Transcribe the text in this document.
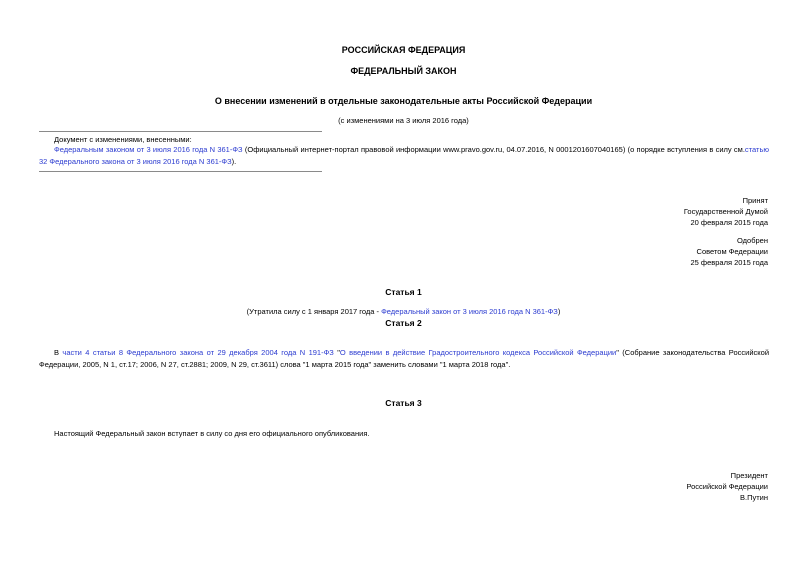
РОССИЙСКАЯ ФЕДЕРАЦИЯ
ФЕДЕРАЛЬНЫЙ ЗАКОН
О внесении изменений в отдельные законодательные акты Российской Федерации
(с изменениями на 3 июля 2016 года)
Документ с изменениями, внесенными:
Федеральным законом от 3 июля 2016 года N 361-ФЗ (Официальный интернет-портал правовой информации www.pravo.gov.ru, 04.07.2016, N 0001201607040165) (о порядке вступления в силу см.статью 32 Федерального закона от 3 июля 2016 года N 361-ФЗ).
Принят
Государственной Думой
20 февраля 2015 года
Одобрен
Советом Федерации
25 февраля 2015 года
Статья 1
(Утратила силу с 1 января 2017 года - Федеральный закон от 3 июля 2016 года N 361-ФЗ)
Статья 2
В части 4 статьи 8 Федерального закона от 29 декабря 2004 года N 191-ФЗ "О введении в действие Градостроительного кодекса Российской Федерации" (Собрание законодательства Российской Федерации, 2005, N 1, ст.17; 2006, N 27, ст.2881; 2009, N 29, ст.3611) слова "1 марта 2015 года" заменить словами "1 марта 2018 года".
Статья 3
Настоящий Федеральный закон вступает в силу со дня его официального опубликования.
Президент
Российской Федерации
В.Путин
